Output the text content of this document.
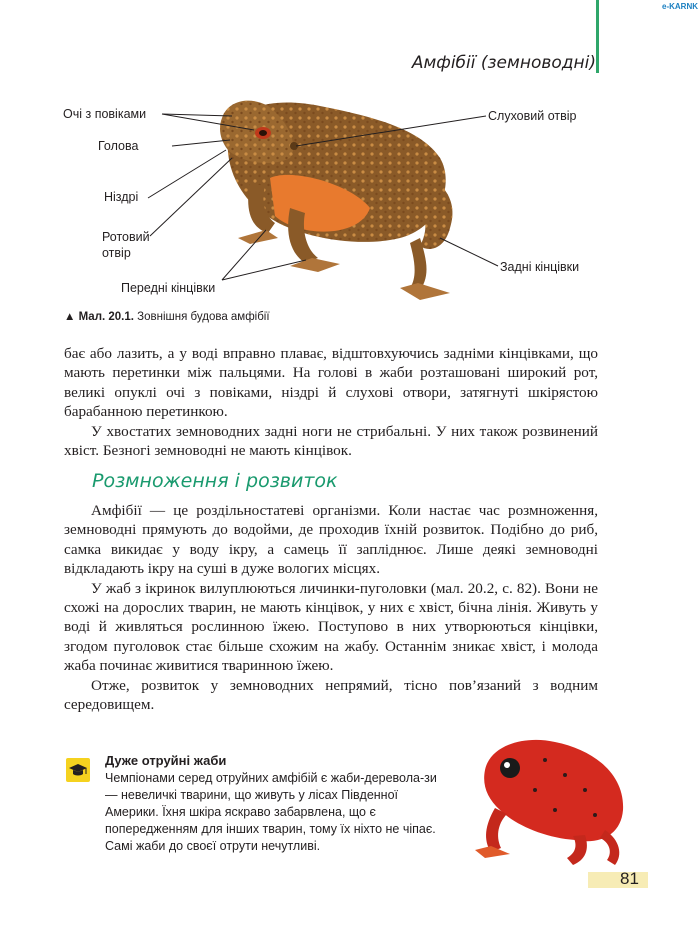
e-KARNK
Амфібії (земноводні)
Очі з повіками
Голова
Ніздрі
Ротовий
отвір
Передні кінцівки
Слуховий отвір
Задні кінцівки
▲ Мал. 20.1. Зовнішня будова амфібії

бає або лазить, а у воді вправно плаває, відштовхуючись задніми кінцівками, що мають перетинки між пальцями. На голові в жаби розташовані широкий рот, великі опуклі очі з повіками, ніздрі й слухові отвори, затягнуті шкірястою барабанною перетинкою.

У хвостатих земноводних задні ноги не стрибальні. У них також розвинений хвіст. Безногі земноводні не мають кінцівок.

Розмноження і розвиток

Амфібії — це роздільностатеві організми. Коли настає час розмноження, земноводні прямують до водойми, де проходив їхній розвиток. Подібно до риб, самка викидає у воду ікру, а самець її запліднює. Лише деякі земноводні відкладають ікру на суші в дуже вологих місцях.

У жаб з ікринок вилуплюються личинки-пуголовки (мал. 20.2, с. 82). Вони не схожі на дорослих тварин, не мають кінцівок, у них є хвіст, бічна лінія. Живуть у воді й живляться рослинною їжею. Поступово в них утворюються кінцівки, згодом пуголовок стає більше схожим на жабу. Останнім зникає хвіст, і молода жаба починає живитися тваринною їжею.

Отже, розвиток у земноводних непрямий, тісно пов’язаний з водним середовищем.

Дуже отруйні жаби
Чемпіонами серед отруйних амфібій є жаби-деревола-зи — невеличкі тварини, що живуть у лісах Південної Америки. Їхня шкіра яскраво забарвлена, що є попередженням для інших тварин, тому їх ніхто не чіпає. Самі жаби до своєї отрути нечутливі.
81
